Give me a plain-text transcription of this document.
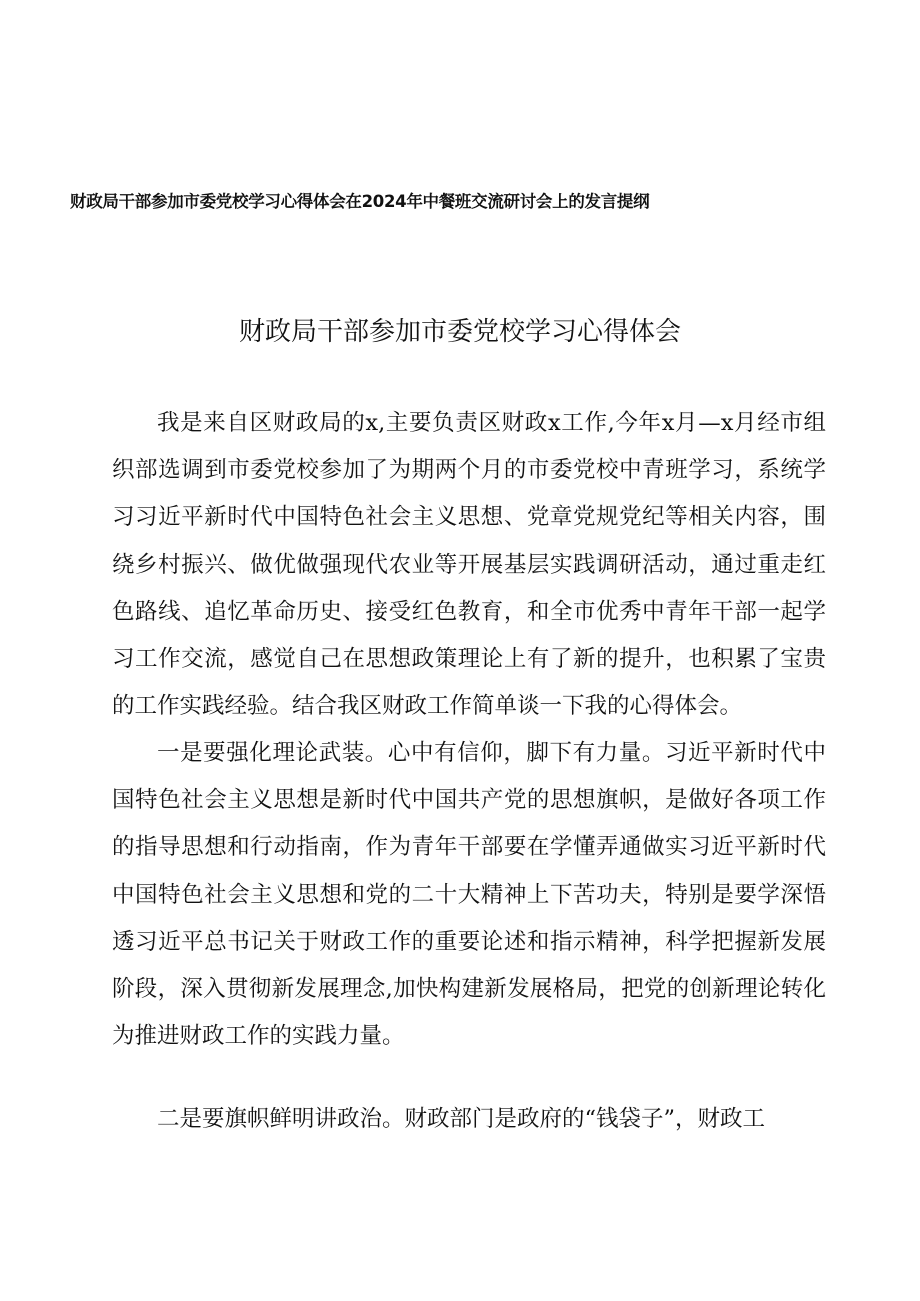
财政局干部参加市委党校学习心得体会在2024年中餐班交流研讨会上的发言提纲
财政局干部参加市委党校学习心得体会

我是来自区财政局的x,主要负责区财政x工作,今年x月—x月经市组织部选调到市委党校参加了为期两个月的市委党校中青班学习，系统学习习近平新时代中国特色社会主义思想、党章党规党纪等相关内容，围绕乡村振兴、做优做强现代农业等开展基层实践调研活动，通过重走红色路线、追忆革命历史、接受红色教育，和全市优秀中青年干部一起学习工作交流，感觉自己在思想政策理论上有了新的提升，也积累了宝贵的工作实践经验。结合我区财政工作简单谈一下我的心得体会。

一是要强化理论武装。心中有信仰，脚下有力量。习近平新时代中国特色社会主义思想是新时代中国共产党的思想旗帜，是做好各项工作的指导思想和行动指南，作为青年干部要在学懂弄通做实习近平新时代中国特色社会主义思想和党的二十大精神上下苦功夫，特别是要学深悟透习近平总书记关于财政工作的重要论述和指示精神，科学把握新发展阶段，深入贯彻新发展理念,加快构建新发展格局，把党的创新理论转化为推进财政工作的实践力量。

二是要旗帜鲜明讲政治。财政部门是政府的“钱袋子”，财政工
